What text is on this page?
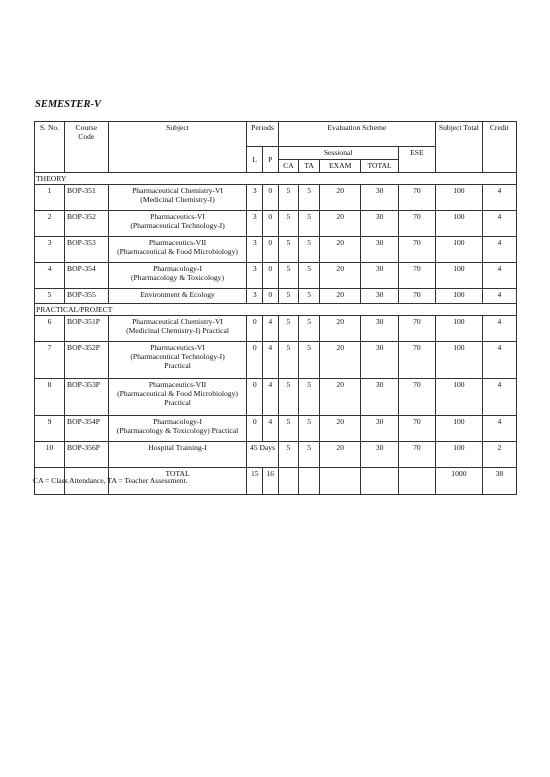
SEMESTER-V
S. No.	Course Code	Subject	Periods		Evaluation Scheme					Subject Total	Credit
			L	P	Sessional				ESE		
					CA	TA	EXAM	TOTAL			
THEORY											
1	BOP-351	Pharmaceutical Chemistry-VI
(Medicinal Chemistry-I)	3	0	5	5	20	30	70	100	4
2	BOP-352	Pharmaceutics-VI
(Pharmaceutical Technology-I)	3	0	5	5	20	30	70	100	4
3	BOP-353	Pharmaceutics-VII
(Pharmaceutical & Food Microbiology)	3	0	5	5	20	30	70	100	4
4	BOP-354	Pharmacology-I
(Pharmacology & Toxicology)	3	0	5	5	20	30	70	100	4
5	BOP-355	Environment & Ecology	3	0	5	5	20	30	70	100	4
PRACTICAL/PROJECT											
6	BOP-351P	Pharmaceutical Chemistry-VI
(Medicinal Chemistry-I) Practical	0	4	5	5	20	30	70	100	4
7	BOP-352P	Pharmaceutics-VI
(Pharmaceutical Technology-I)
Practical	0	4	5	5	20	30	70	100	4
8	BOP-353P	Pharmaceutics-VII
(Pharmaceutical & Food Microbiology)
Practical	0	4	5	5	20	30	70	100	4
9	BOP-354P	Pharmacology-I
(Pharmacology & Toxicology) Practical	0	4	5	5	20	30	70	100	4
10	BOP-356P	Hospital Training-I	45 Days		5	5	20	30	70	100	2
		TOTAL	15	16						1000	38
CA = Class Attendance, TA = Teacher Assessment.
